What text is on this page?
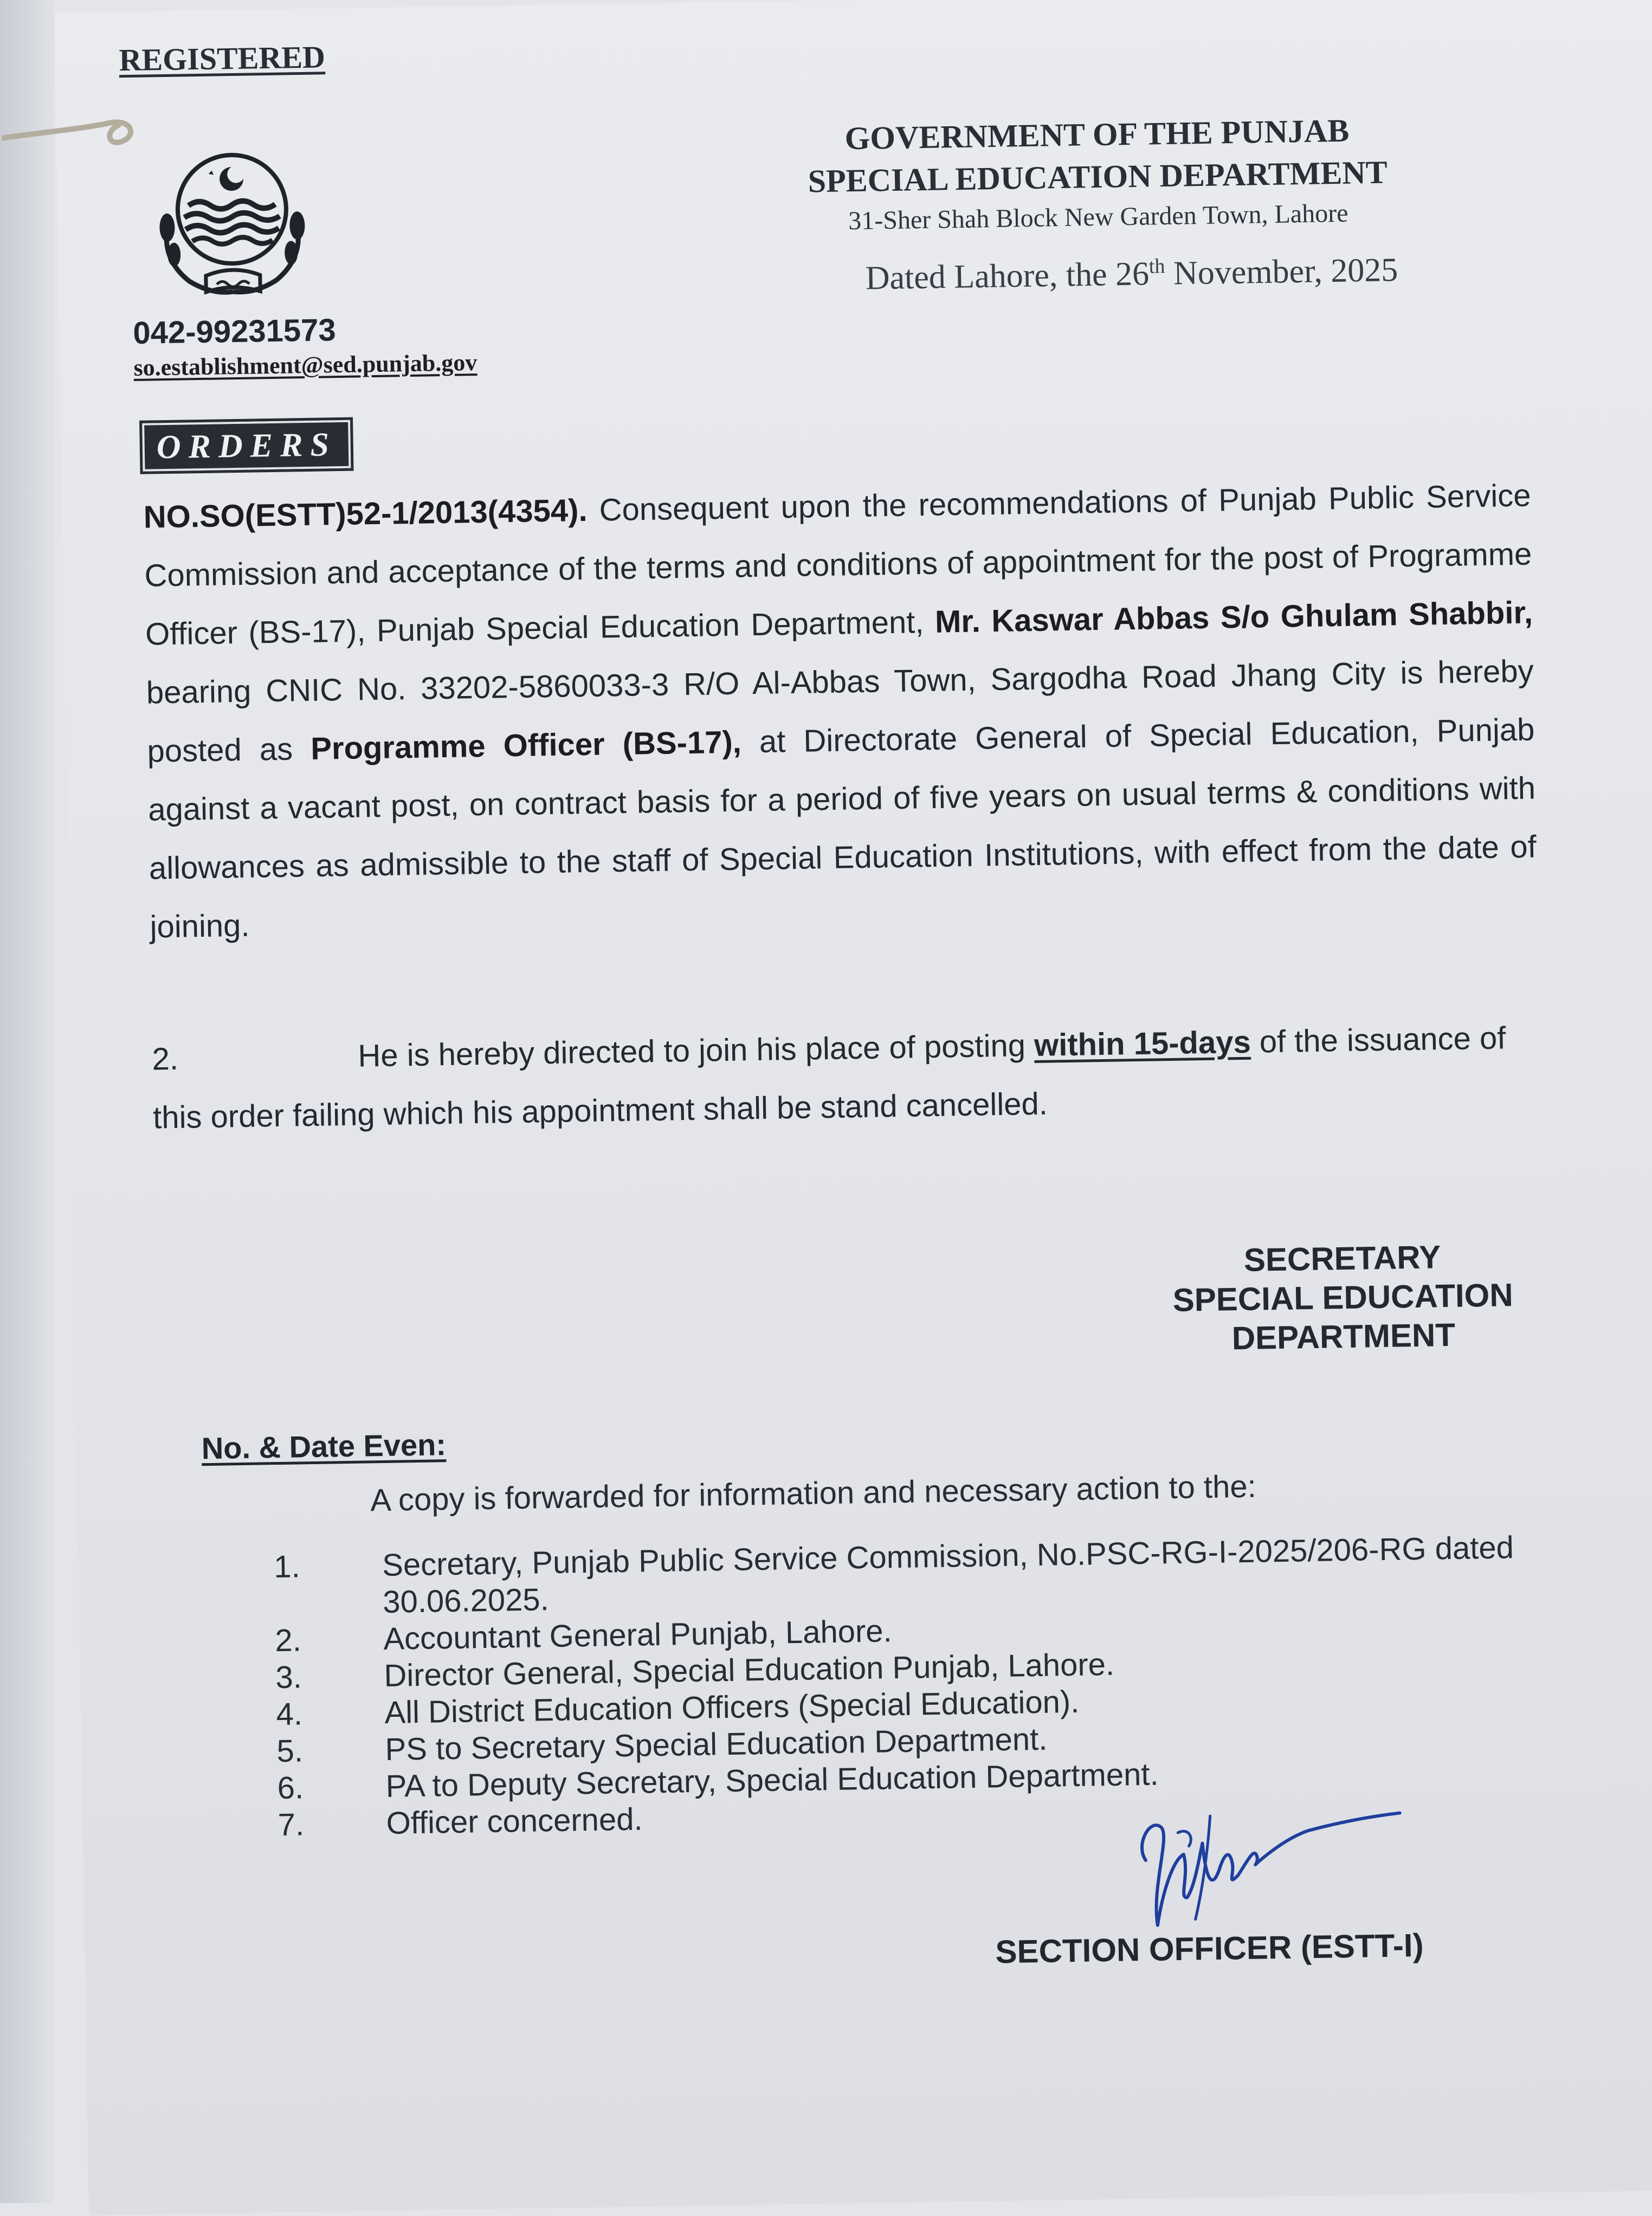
REGISTERED
042-99231573
so.establishment@sed.punjab.gov
GOVERNMENT OF THE PUNJAB
SPECIAL EDUCATION DEPARTMENT
31-Sher Shah Block New Garden Town, Lahore
Dated Lahore, the 26th November, 2025
ORDERS
NO.SO(ESTT)52-1/2013(4354). Consequent upon the recommendations of Punjab Public Service Commission and acceptance of the terms and conditions of appointment for the post of Programme Officer (BS-17), Punjab Special Education Department, Mr. Kaswar Abbas S/o Ghulam Shabbir, bearing CNIC No. 33202-5860033-3 R/O Al-Abbas Town, Sargodha Road Jhang City is hereby posted as Programme Officer (BS-17), at Directorate General of Special Education, Punjab against a vacant post, on contract basis for a period of five years on usual terms & conditions with allowances as admissible to the staff of Special Education Institutions, with effect from the date of joining.
2.	He is hereby directed to join his place of posting within 15-days of the issuance of this order failing which his appointment shall be stand cancelled.
SECRETARY
SPECIAL EDUCATION
DEPARTMENT
No. & Date Even:
A copy is forwarded for information and necessary action to the:
1.	Secretary, Punjab Public Service Commission, No.PSC-RG-I-2025/206-RG dated 30.06.2025.
2.	Accountant General Punjab, Lahore.
3.	Director General, Special Education Punjab, Lahore.
4.	All District Education Officers (Special Education).
5.	PS to Secretary Special Education Department.
6.	PA to Deputy Secretary, Special Education Department.
7.	Officer concerned.
SECTION OFFICER (ESTT-I)
